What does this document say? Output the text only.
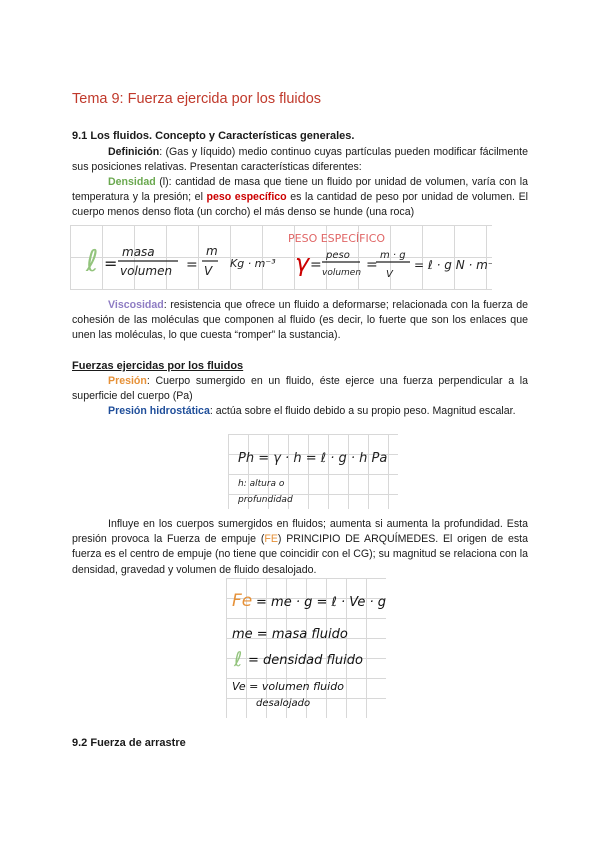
Tema 9: Fuerza ejercida por los fluidos
9.1 Los fluidos. Concepto y Características generales.

Definición: (Gas y líquido) medio continuo cuyas partículas pueden modificar fácilmente sus posiciones relativas. Presentan características diferentes:

Densidad (l): cantidad de masa que tiene un fluido por unidad de volumen, varía con la temperatura y la presión; el peso específico es la cantidad de peso por unidad de volumen. El cuerpo menos denso flota (un corcho) el más denso se hunde (una roca)

ℓ =
masa
volumen =
m
V
Kg · m⁻³
PESO ESPECÍFICO
γ =
peso
volumen =
m · g
V
= ℓ · g N · m⁻²

Viscosidad: resistencia que ofrece un fluido a deformarse; relacionada con la fuerza de cohesión de las moléculas que componen al fluido (es decir, lo fuerte que son los enlaces que unen las moléculas, lo que cuesta “romper” la sustancia).

Fuerzas ejercidas por los fluidos

Presión: Cuerpo sumergido en un fluido, éste ejerce una fuerza perpendicular a la superficie del cuerpo (Pa)

Presión hidrostática: actúa sobre el fluido debido a su propio peso. Magnitud escalar.

Ph = γ · h = ℓ · g · h Pa
h: altura o
profundidad

Influye en los cuerpos sumergidos en fluidos; aumenta si aumenta la profundidad. Esta presión provoca la Fuerza de empuje (FE) PRINCIPIO DE ARQUÍMEDES. El origen de esta fuerza es el centro de empuje (no tiene que coincidir con el CG); su magnitud se relaciona con la densidad, gravedad y volumen de fluido desalojado.

Fe = me · g = ℓ · Ve · g
me = masa fluido
ℓ = densidad fluido
Ve = volumen fluido
desalojado
9.2 Fuerza de arrastre
